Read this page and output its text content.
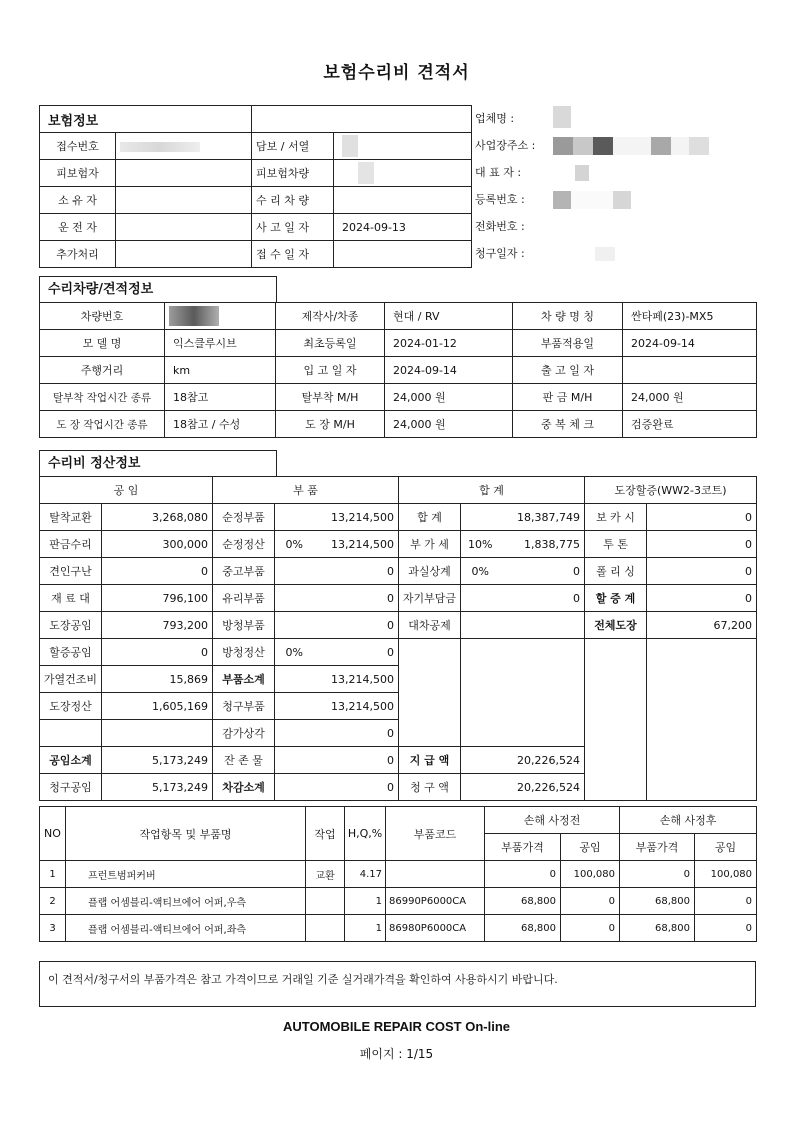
보험수리비 견적서
보험정보			
접수번호		담보 / 서열	
피보험자		피보험차량	
소 유 자		수 리 차 량	
운 전 자		사 고 일 자	2024-09-13
추가처리		접 수 일 자	
업체명 :
사업장주소 :
대 표 자 :
등록번호 :
전화번호 :
청구일자 :
수리차량/견적정보
차량번호		제작사/차종	현대 / RV	차 량 명 칭	싼타페(23)-MX5
모 델 명	익스클루시브	최초등록일	2024-01-12	부품적용일	2024-09-14
주행거리	km	입 고 일 자	2024-09-14	출 고 일 자	
탈부착 작업시간 종류	18참고	탈부착 M/H	24,000 원	판 금 M/H	24,000 원
도 장 작업시간 종류	18참고 / 수성	도 장 M/H	24,000 원	중 복 체 크	검증완료
수리비 정산정보
공 임		부 품			합 계			도장할증(WW2-3코트)	
탈착교환	3,268,080	순정부품		13,214,500	합 계		18,387,749	보 카 시	0
판금수리	300,000	순정정산	0%	13,214,500	부 가 세	10%	1,838,775	투 톤	0
견인구난	0	중고부품		0	과실상계	0%	0	폴 리 싱	0
재 료 대	796,100	유리부품		0	자기부담금		0	할 증 계	0
도장공임	793,200	방청부품		0	대차공제			전체도장	67,200
할증공임	0	방청정산	0%	0					
가열건조비	15,869	부품소계		13,214,500					
도장정산	1,605,169	청구부품		13,214,500					
		감가상각		0					
공임소계	5,173,249	잔 존 물		0	지 급 액	20,226,524			
청구공임	5,173,249	차감소계		0	청 구 액	20,226,524			
NO	작업항목 및 부품명	작업	H,Q,%	부품코드	손해 사정전		손해 사정후	
					부품가격	공임	부품가격	공임
1	프런트범퍼커버	교환	4.17		0	100,080	0	100,080
2	플랩 어셈블리-액티브에어 어퍼,우측		1	86990P6000CA	68,800	0	68,800	0
3	플랩 어셈블리-액티브에어 어퍼,좌측		1	86980P6000CA	68,800	0	68,800	0
이 견적서/청구서의 부품가격은 참고 가격이므로 거래일 기준 실거래가격을 확인하여 사용하시기 바랍니다.
AUTOMOBILE REPAIR COST On-line
페이지 : 1/15
